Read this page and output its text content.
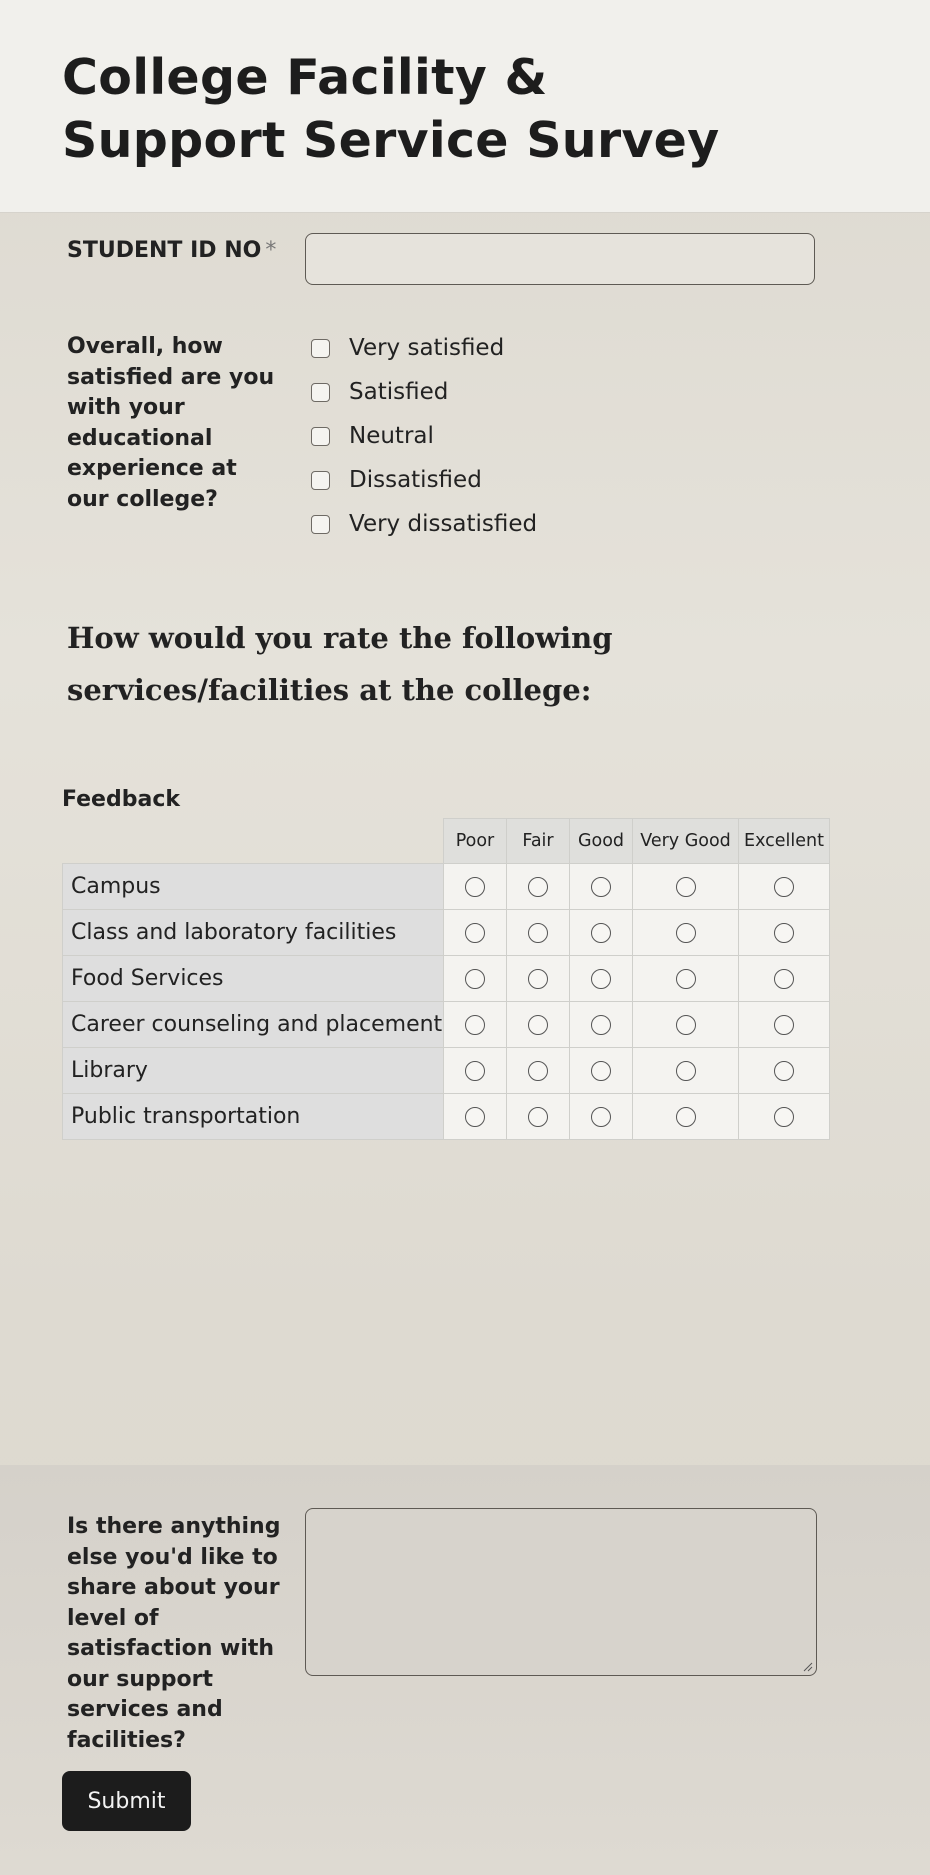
College Facility & Support Service Survey
STUDENT ID NO *
Overall, how satisfied are you with your educational experience at our college?
Very satisfied
Satisfied
Neutral
Dissatisfied
Very dissatisfied
How would you rate the following services/facilities at the college:
Feedback
	Poor	Fair	Good	Very Good	Excellent
Campus					
Class and laboratory facilities					
Food Services					
Career counseling and placement					
Library					
Public transportation					
Is there anything else you'd like to share about your level of satisfaction with our support services and facilities?
Submit
